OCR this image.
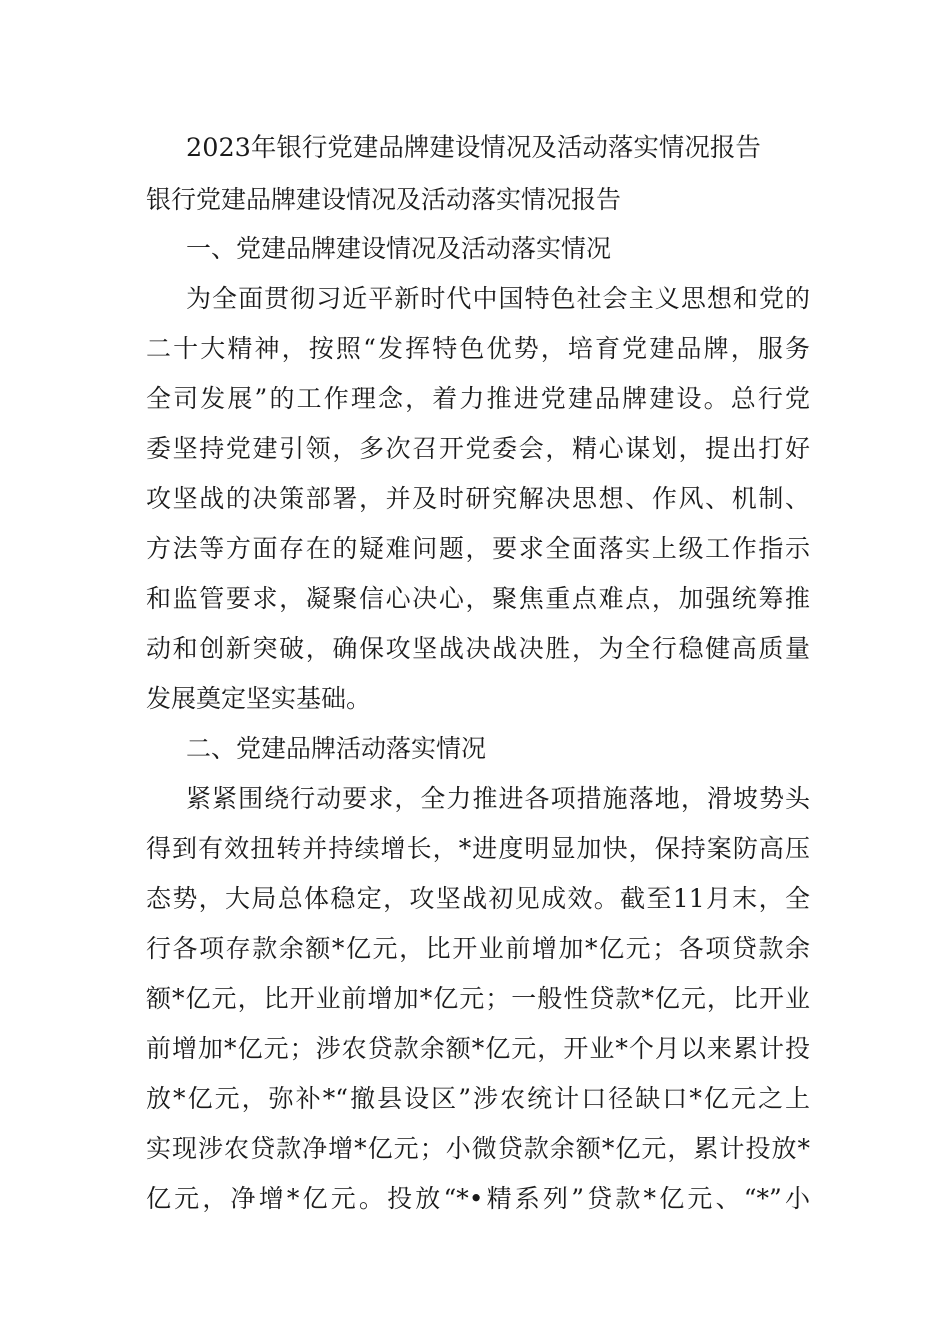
2023年银行党建品牌建设情况及活动落实情况报告
银行党建品牌建设情况及活动落实情况报告
一、党建品牌建设情况及活动落实情况
为全面贯彻习近平新时代中国特色社会主义思想和党的
二十大精神，按照“发挥特色优势，培育党建品牌，服务
全司发展”的工作理念，着力推进党建品牌建设。总行党
委坚持党建引领，多次召开党委会，精心谋划，提出打好
攻坚战的决策部署，并及时研究解决思想、作风、机制、
方法等方面存在的疑难问题，要求全面落实上级工作指示
和监管要求，凝聚信心决心，聚焦重点难点，加强统筹推
动和创新突破，确保攻坚战决战决胜，为全行稳健高质量
发展奠定坚实基础。
二、党建品牌活动落实情况
紧紧围绕行动要求，全力推进各项措施落地，滑坡势头
得到有效扭转并持续增长，*进度明显加快，保持案防高压
态势，大局总体稳定，攻坚战初见成效。截至11月末，全
行各项存款余额*亿元，比开业前增加*亿元；各项贷款余
额*亿元，比开业前增加*亿元；一般性贷款*亿元，比开业
前增加*亿元；涉农贷款余额*亿元，开业*个月以来累计投
放*亿元，弥补*“撤县设区”涉农统计口径缺口*亿元之上
实现涉农贷款净增*亿元；小微贷款余额*亿元，累计投放*
亿元，净增*亿元。投放“*•精系列”贷款*亿元、“*”小
